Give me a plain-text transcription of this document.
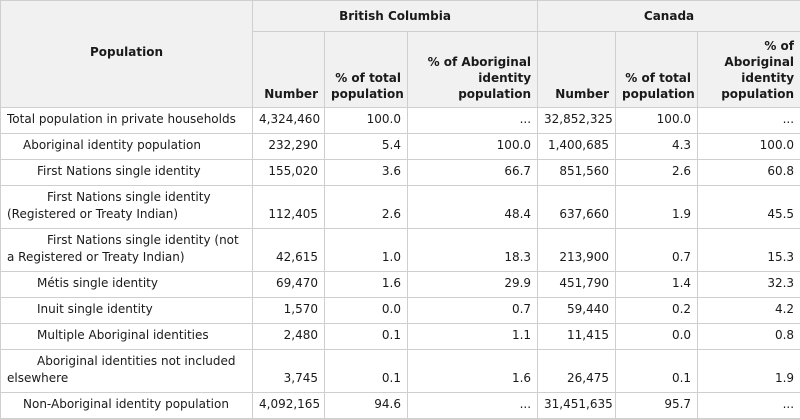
Population	British Columbia			Canada		
	Number	% of total population	% of Aboriginal identity population	Number	% of total population	% of Aboriginal identity population
Total population in private households	4,324,460	100.0	...	32,852,325	100.0	...
Aboriginal identity population	232,290	5.4	100.0	1,400,685	4.3	100.0
First Nations single identity	155,020	3.6	66.7	851,560	2.6	60.8
First Nations single identity
(Registered or Treaty Indian)	112,405	2.6	48.4	637,660	1.9	45.5
First Nations single identity (not
a Registered or Treaty Indian)	42,615	1.0	18.3	213,900	0.7	15.3
Métis single identity	69,470	1.6	29.9	451,790	1.4	32.3
Inuit single identity	1,570	0.0	0.7	59,440	0.2	4.2
Multiple Aboriginal identities	2,480	0.1	1.1	11,415	0.0	0.8
Aboriginal identities not included
elsewhere	3,745	0.1	1.6	26,475	0.1	1.9
Non-Aboriginal identity population	4,092,165	94.6	...	31,451,635	95.7	...
